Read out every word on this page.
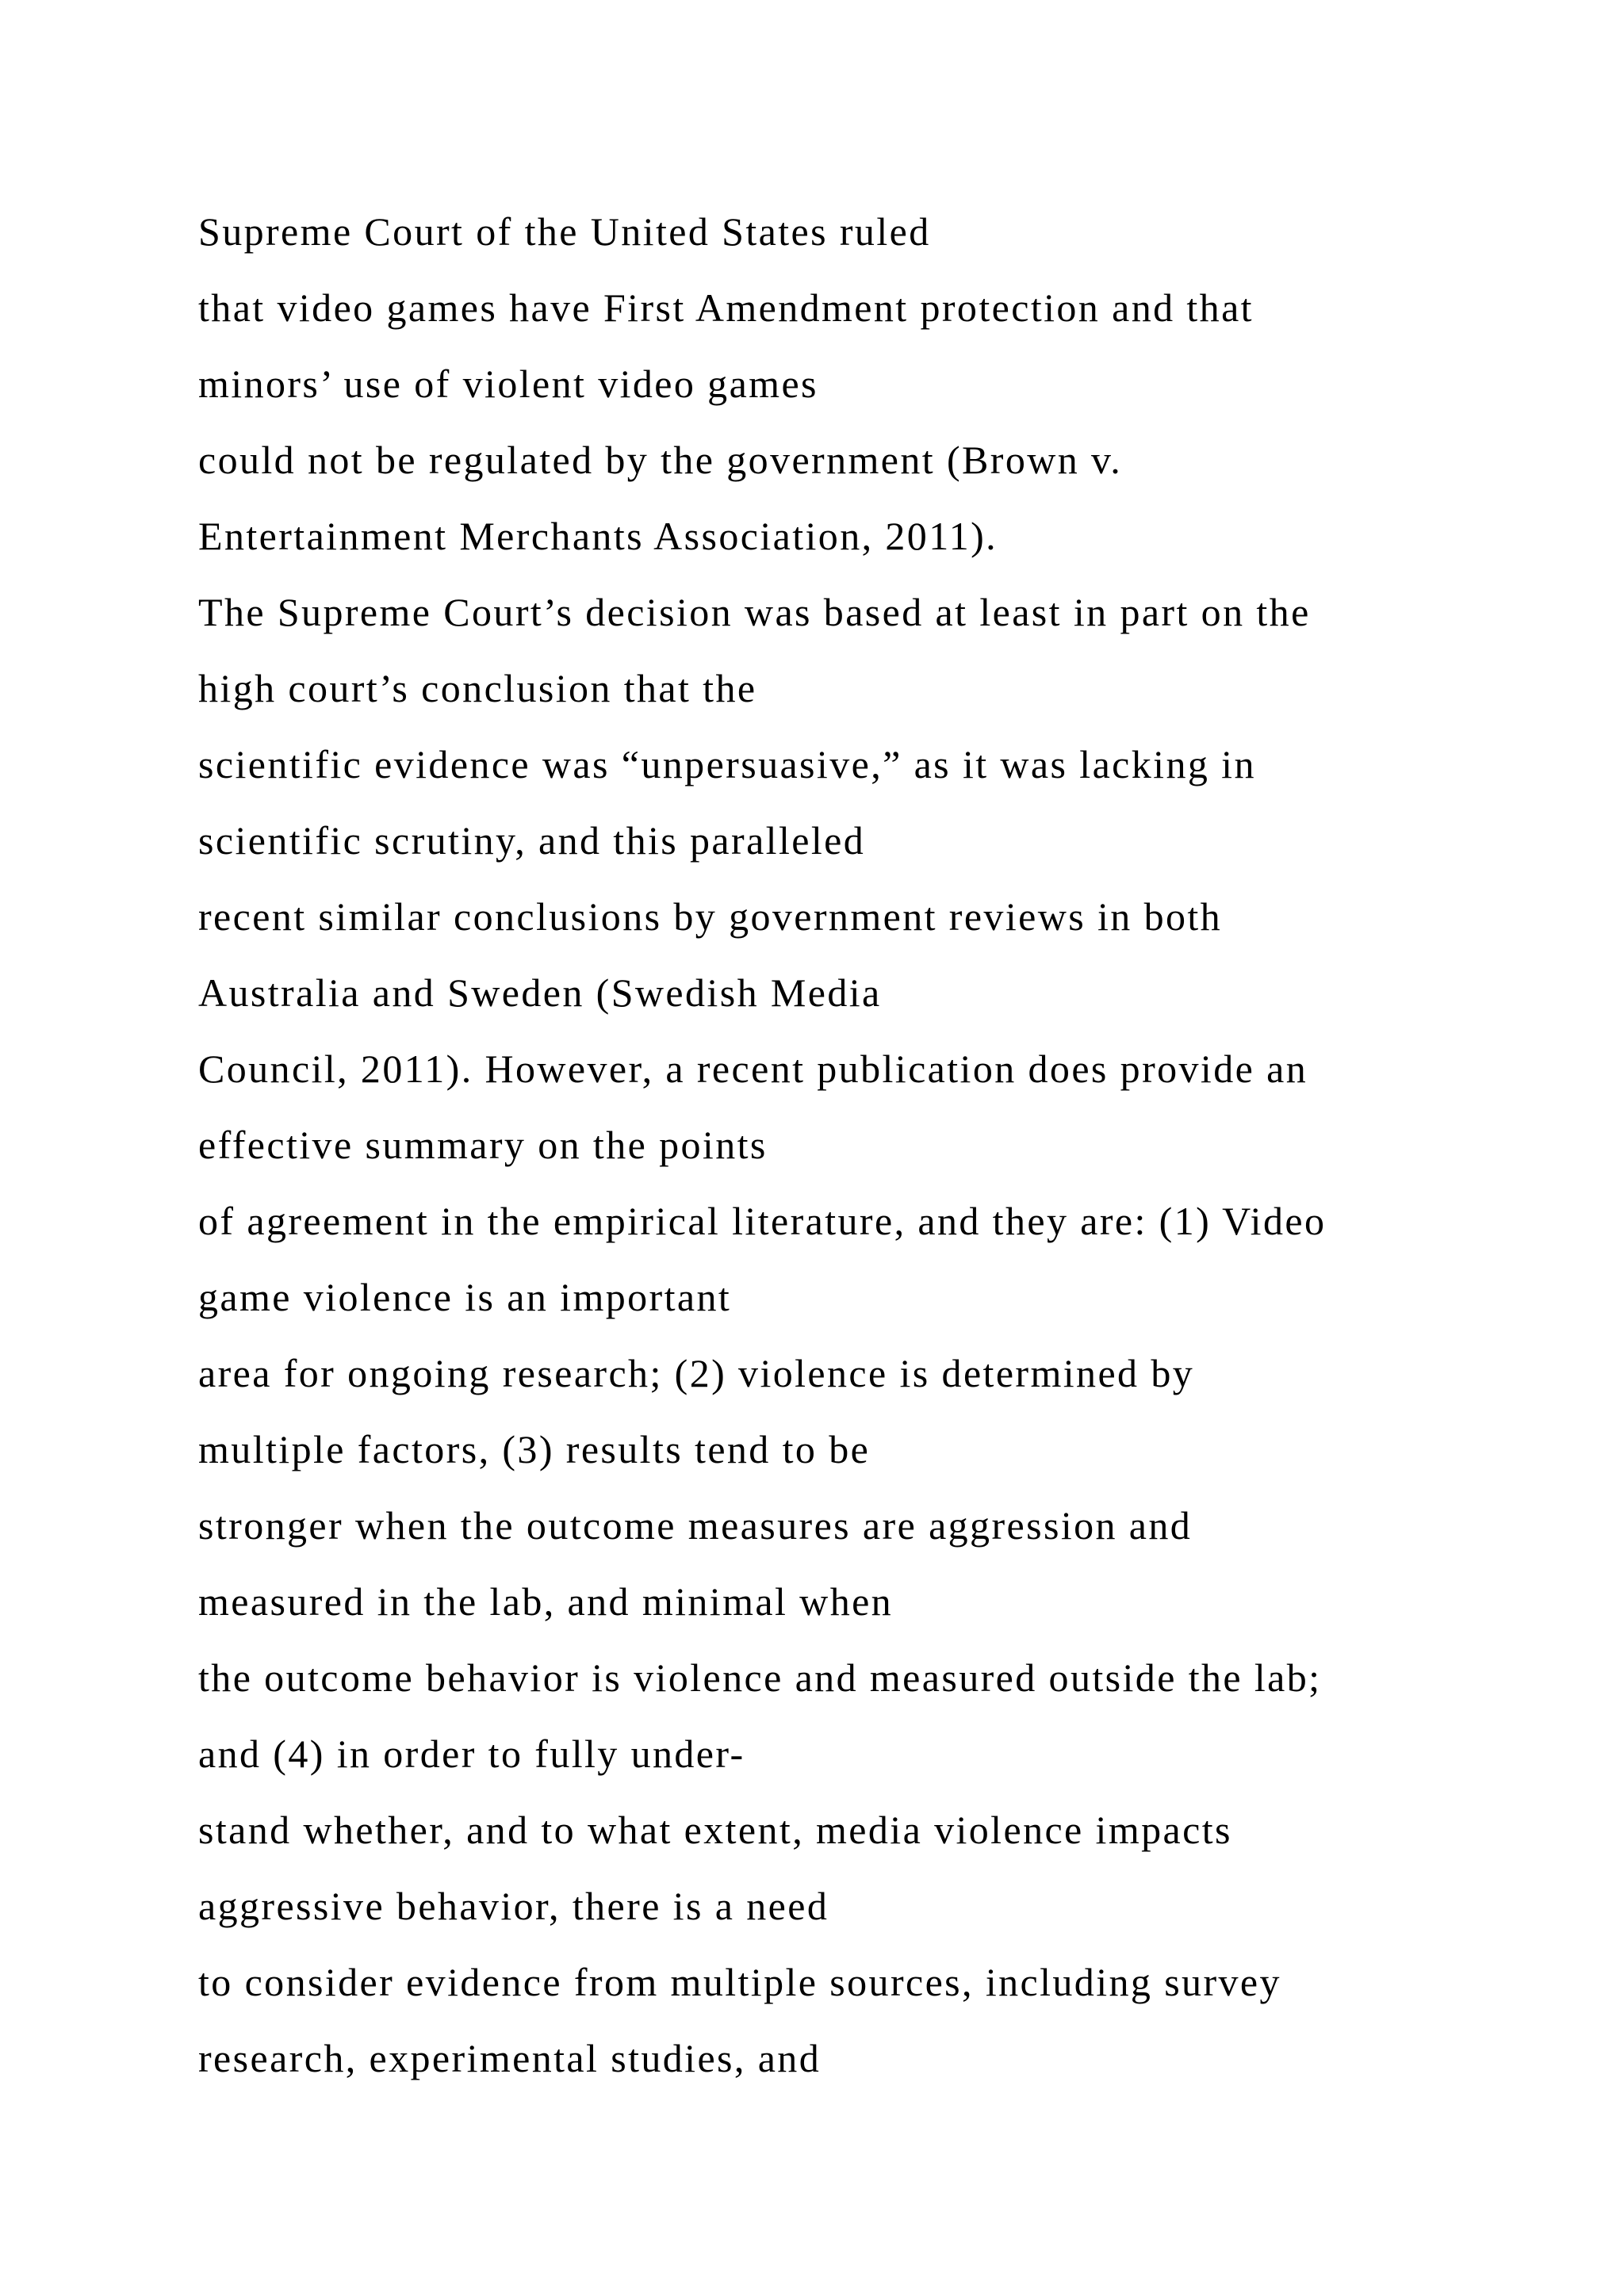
Supreme Court of the United States ruled
that video games have First Amendment protection and that
minors’ use of violent video games
could not be regulated by the government (Brown v.
Entertainment Merchants Association, 2011).
The Supreme Court’s decision was based at least in part on the
high court’s conclusion that the
scientific evidence was “unpersuasive,” as it was lacking in
scientific scrutiny, and this paralleled
recent similar conclusions by government reviews in both
Australia and Sweden (Swedish Media
Council, 2011). However, a recent publication does provide an
effective summary on the points
of agreement in the empirical literature, and they are: (1) Video
game violence is an important
area for ongoing research; (2) violence is determined by
multiple factors, (3) results tend to be
stronger when the outcome measures are aggression and
measured in the lab, and minimal when
the outcome behavior is violence and measured outside the lab;
and (4) in order to fully under-
stand whether, and to what extent, media violence impacts
aggressive behavior, there is a need
to consider evidence from multiple sources, including survey
research, experimental studies, and
